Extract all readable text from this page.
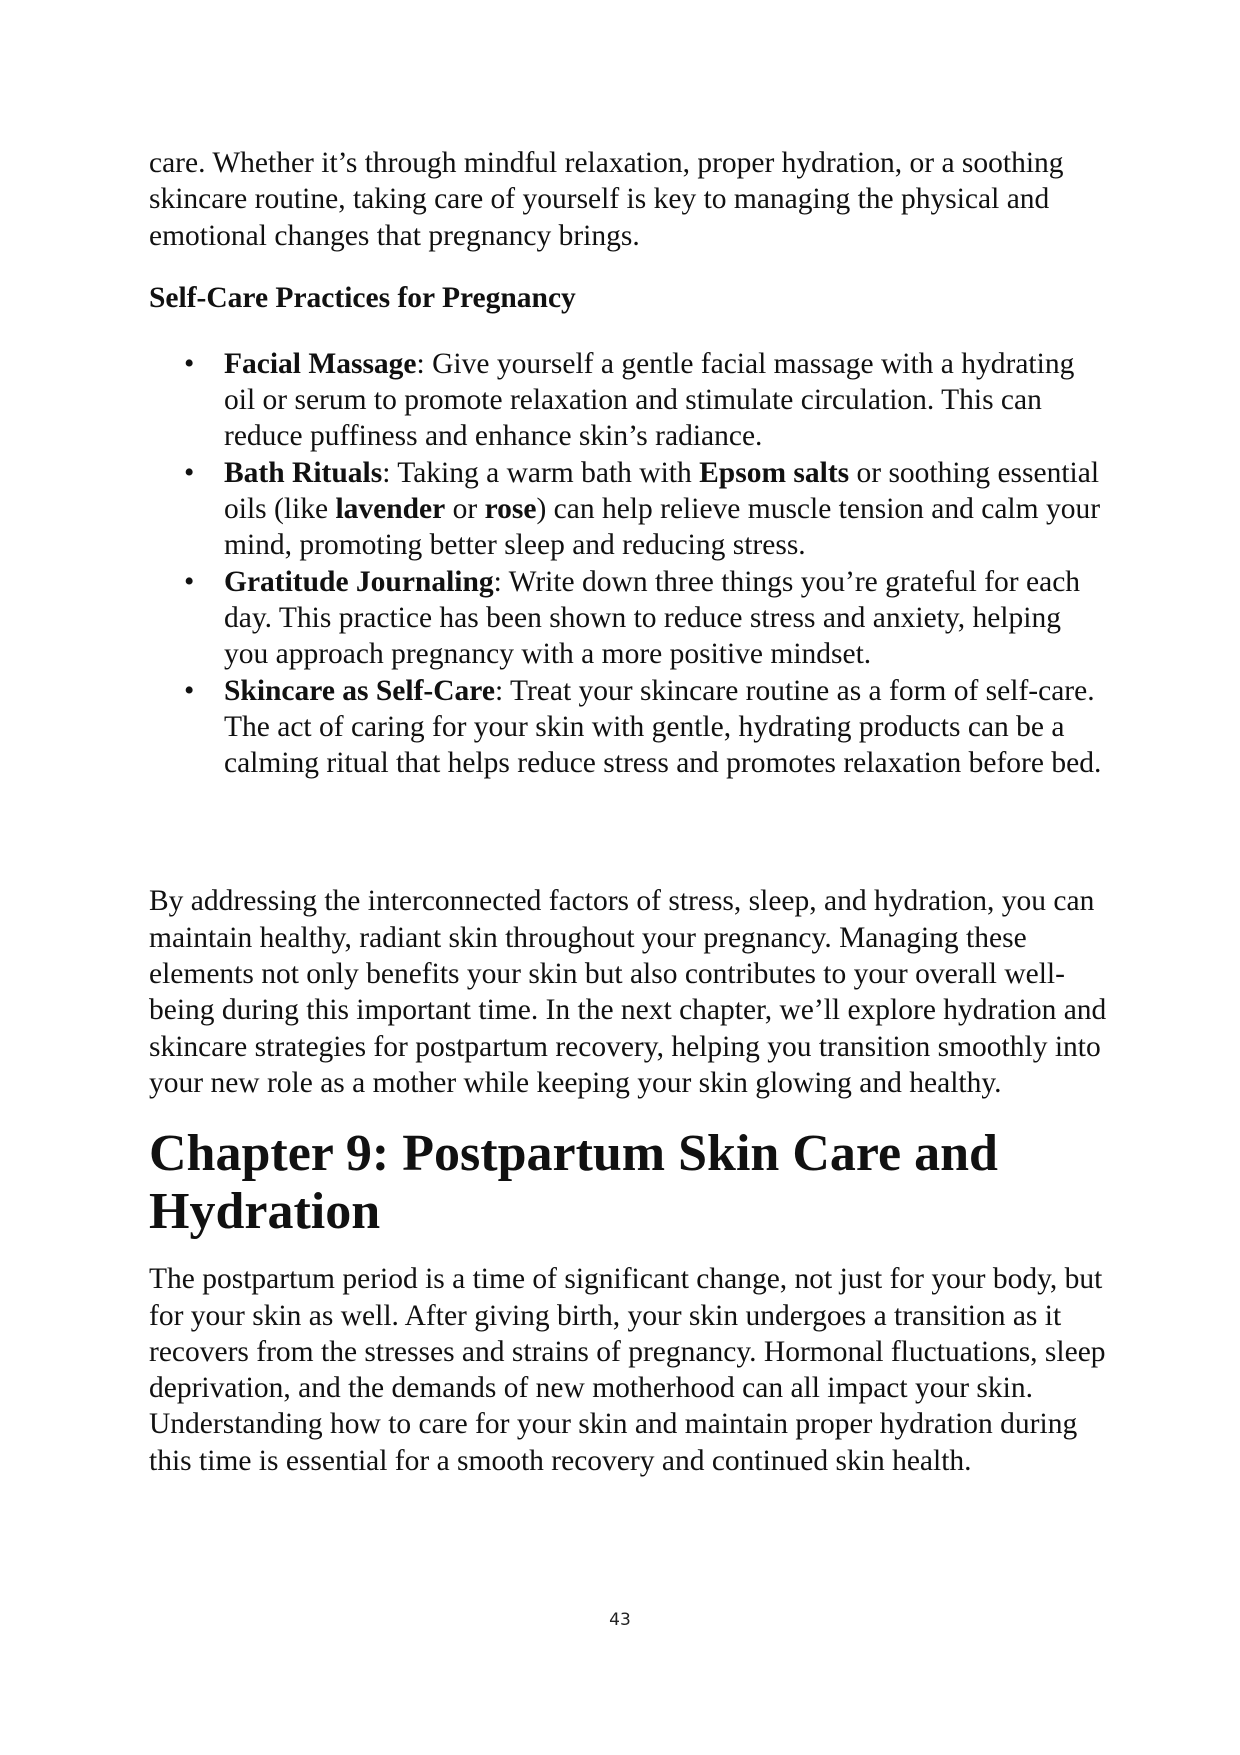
care. Whether it’s through mindful relaxation, proper hydration, or a soothing skincare routine, taking care of yourself is key to managing the physical and emotional changes that pregnancy brings.

Self-Care Practices for Pregnancy
• Facial Massage: Give yourself a gentle facial massage with a hydrating oil or serum to promote relaxation and stimulate circulation. This can reduce puffiness and enhance skin’s radiance.
• Bath Rituals: Taking a warm bath with Epsom salts or soothing essential oils (like lavender or rose) can help relieve muscle tension and calm your mind, promoting better sleep and reducing stress.
• Gratitude Journaling: Write down three things you’re grateful for each day. This practice has been shown to reduce stress and anxiety, helping you approach pregnancy with a more positive mindset.
• Skincare as Self-Care: Treat your skincare routine as a form of self-care. The act of caring for your skin with gentle, hydrating products can be a calming ritual that helps reduce stress and promotes relaxation before bed.

By addressing the interconnected factors of stress, sleep, and hydration, you can maintain healthy, radiant skin throughout your pregnancy. Managing these elements not only benefits your skin but also contributes to your overall well-being during this important time. In the next chapter, we’ll explore hydration and skincare strategies for postpartum recovery, helping you transition smoothly into your new role as a mother while keeping your skin glowing and healthy.

Chapter 9: Postpartum Skin Care and Hydration

The postpartum period is a time of significant change, not just for your body, but for your skin as well. After giving birth, your skin undergoes a transition as it recovers from the stresses and strains of pregnancy. Hormonal fluctuations, sleep deprivation, and the demands of new motherhood can all impact your skin. Understanding how to care for your skin and maintain proper hydration during this time is essential for a smooth recovery and continued skin health.

43
